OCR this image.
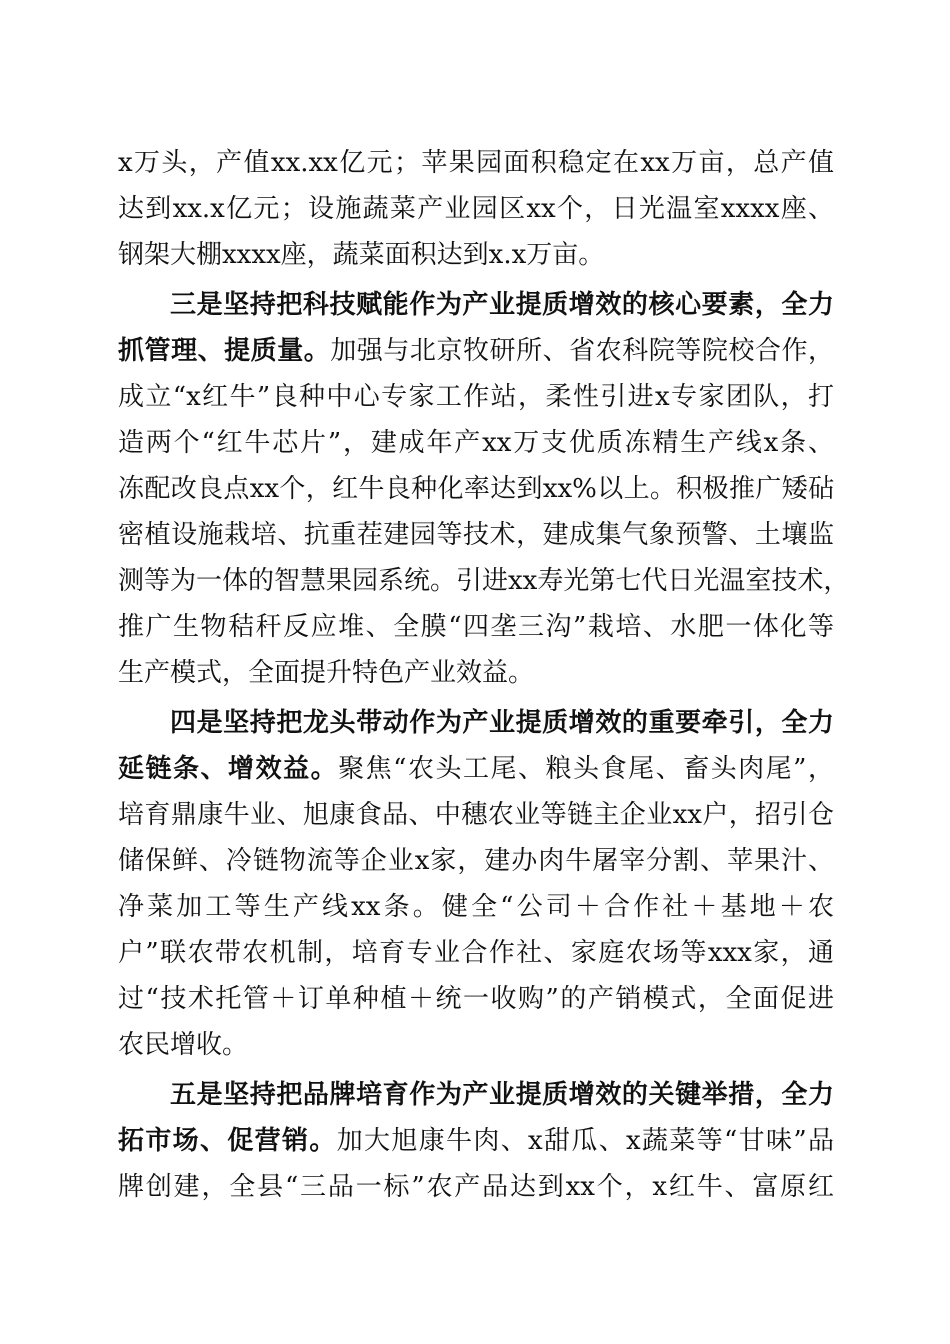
x万头，产值xx.xx亿元；苹果园面积稳定在xx万亩，总产值
达到xx.x亿元；设施蔬菜产业园区xx个，日光温室xxxx座、
钢架大棚xxxx座，蔬菜面积达到x.x万亩。
三是坚持把科技赋能作为产业提质增效的核心要素，全力
抓管理、提质量。加强与北京牧研所、省农科院等院校合作，
成立“x红牛”良种中心专家工作站，柔性引进x专家团队，打
造两个“红牛芯片”，建成年产xx万支优质冻精生产线x条、
冻配改良点xx个，红牛良种化率达到xx%以上。积极推广矮砧
密植设施栽培、抗重茬建园等技术，建成集气象预警、土壤监
测等为一体的智慧果园系统。引进xx寿光第七代日光温室技术，
推广生物秸秆反应堆、全膜“四垄三沟”栽培、水肥一体化等
生产模式，全面提升特色产业效益。
四是坚持把龙头带动作为产业提质增效的重要牵引，全力
延链条、增效益。聚焦“农头工尾、粮头食尾、畜头肉尾”，
培育鼎康牛业、旭康食品、中穗农业等链主企业xx户，招引仓
储保鲜、冷链物流等企业x家，建办肉牛屠宰分割、苹果汁、
净菜加工等生产线xx条。健全“公司＋合作社＋基地＋农
户”联农带农机制，培育专业合作社、家庭农场等xxx家，通
过“技术托管＋订单种植＋统一收购”的产销模式，全面促进
农民增收。
五是坚持把品牌培育作为产业提质增效的关键举措，全力
拓市场、促营销。加大旭康牛肉、x甜瓜、x蔬菜等“甘味”品
牌创建，全县“三品一标”农产品达到xx个，x红牛、富原红
